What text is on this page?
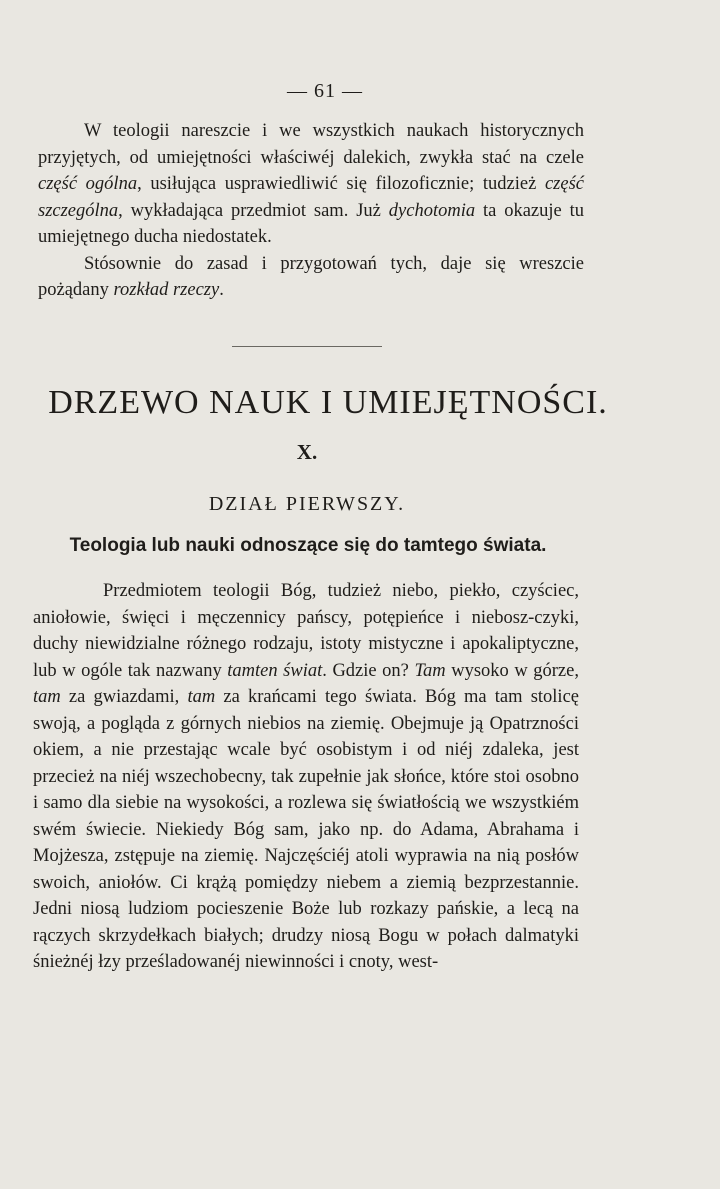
— 61 —

W teologii nareszcie i we wszystkich naukach historycznych przyjętych, od umiejętności właściwéj dalekich, zwykła stać na czele część ogólna, usiłująca usprawiedliwić się filozoficznie; tudzież część szczególna, wykładająca przedmiot sam. Już dychotomia ta okazuje tu umiejętnego ducha niedostatek.

Stósownie do zasad i przygotowań tych, daje się wreszcie pożądany rozkład rzeczy.

DRZEWO NAUK I UMIEJĘTNOŚCI.
X.
DZIAŁ PIERWSZY.
Teologia lub nauki odnoszące się do tamtego świata.

Przedmiotem teologii Bóg, tudzież niebo, piekło, czyściec, aniołowie, święci i męczennicy pańscy, potępieńce i niebosz-czyki, duchy niewidzialne różnego rodzaju, istoty mistyczne i apokaliptyczne, lub w ogóle tak nazwany tamten świat. Gdzie on? Tam wysoko w górze, tam za gwiazdami, tam za krańcami tego świata. Bóg ma tam stolicę swoją, a pogląda z górnych niebios na ziemię. Obejmuje ją Opatrzności okiem, a nie przestając wcale być osobistym i od niéj zdaleka, jest przecież na niéj wszechobecny, tak zupełnie jak słońce, które stoi osobno i samo dla siebie na wysokości, a rozlewa się światłością we wszystkiém swém świecie. Niekiedy Bóg sam, jako np. do Adama, Abrahama i Mojżesza, zstępuje na ziemię. Najczęściéj atoli wyprawia na nią posłów swoich, aniołów. Ci krążą pomiędzy niebem a ziemią bezprzestannie. Jedni niosą ludziom pocieszenie Boże lub rozkazy pańskie, a lecą na rączych skrzydełkach białych; drudzy niosą Bogu w połach dalmatyki śnieżnéj łzy prześladowanéj niewinności i cnoty, west-
